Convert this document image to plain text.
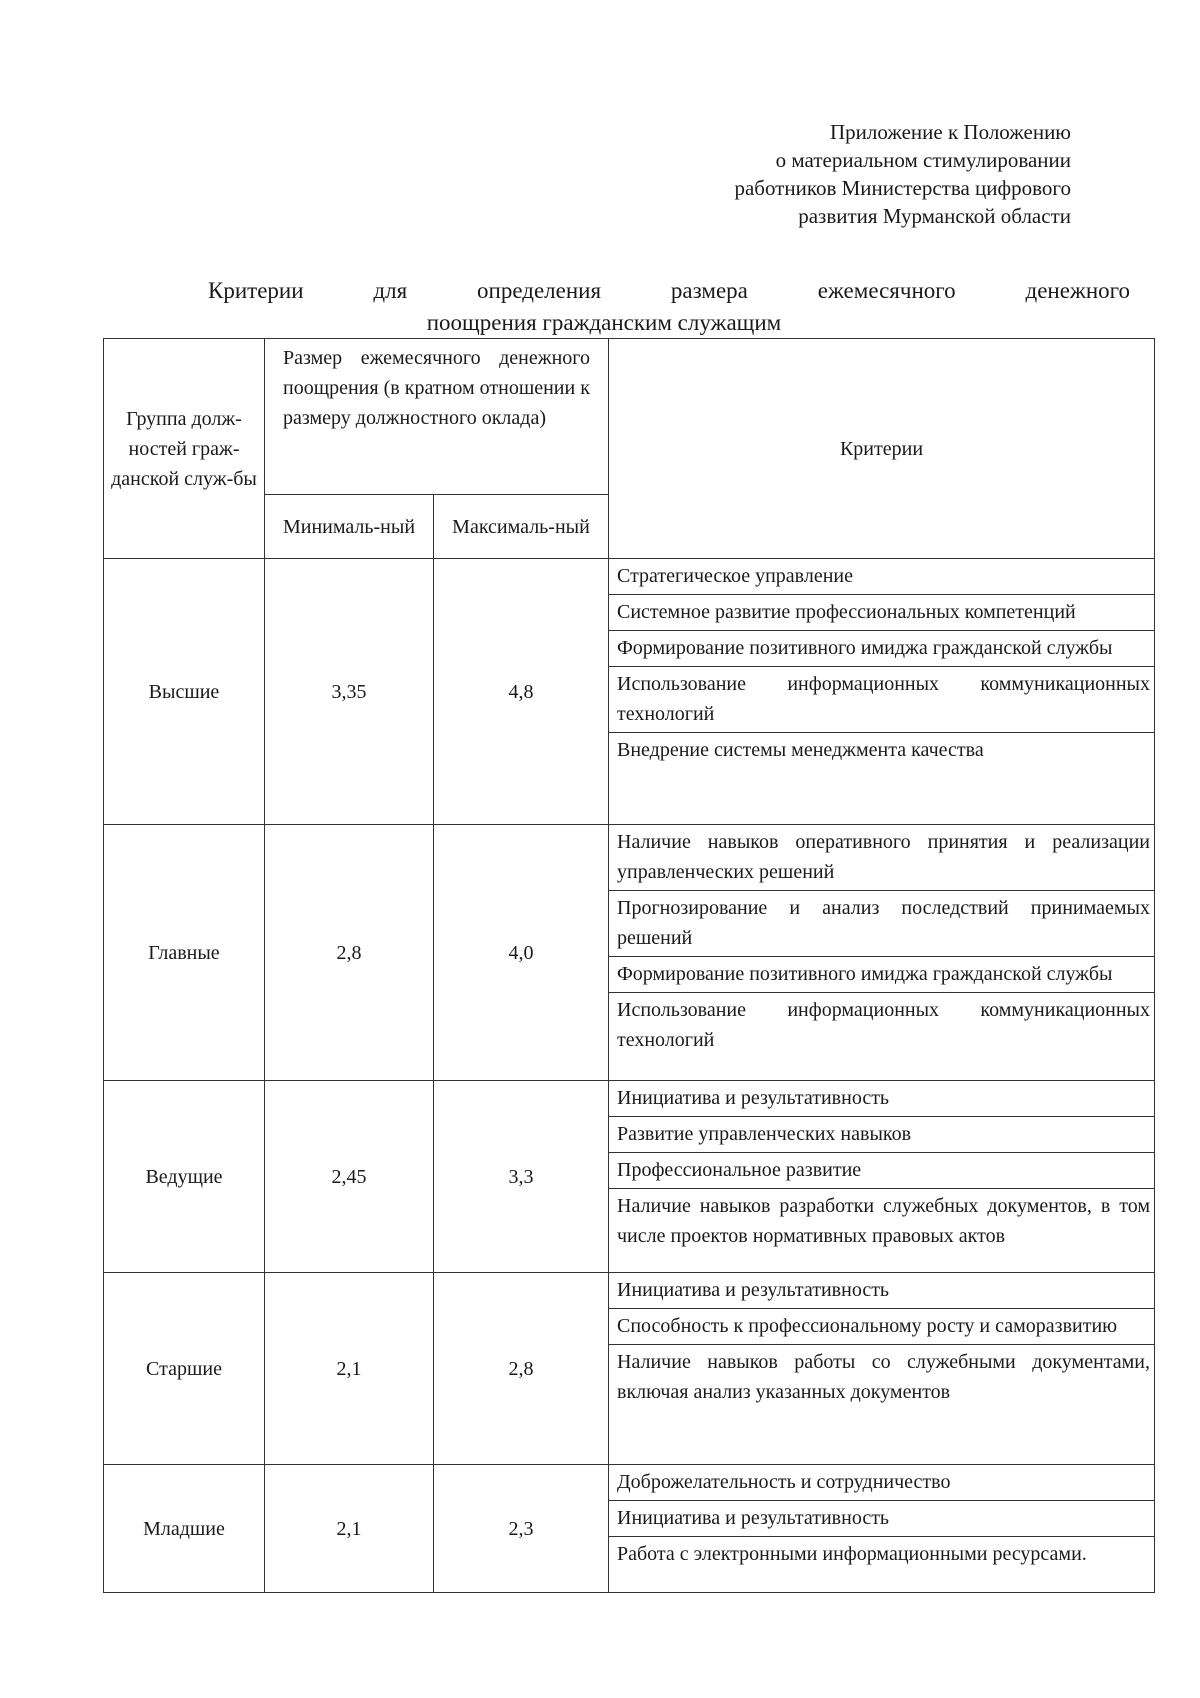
Приложение к Положению
о материальном стимулировании
работников Министерства цифрового
развития Мурманской области
Критерии для определения размера ежемесячного денежного
поощрения гражданским служащим
Группа долж-ностей граж-данской служ-бы	Размер ежемесячного денежного поощрения (в кратном отношении к размеру должностного оклада)		Критерии
	Минималь-ный	Максималь-ный	
Высшие	3,35	4,8	Стратегическое управление
Системное развитие профессиональных компетенций
Формирование позитивного имиджа гражданской службы
Использование информационных коммуникационных технологий
Внедрение системы менеджмента качества

Главные	2,8	4,0	Наличие навыков оперативного принятия и реализации управленческих решений
Прогнозирование и анализ последствий принимаемых решений
Формирование позитивного имиджа гражданской службы
Использование информационных коммуникационных технологий

Ведущие	2,45	3,3	Инициатива и результативность
Развитие управленческих навыков
Профессиональное развитие
Наличие навыков разработки служебных документов, в том числе проектов нормативных правовых актов

Старшие	2,1	2,8	Инициатива и результативность
Способность к профессиональному росту и саморазвитию
Наличие навыков работы со служебными документами, включая анализ указанных документов

Младшие	2,1	2,3	Доброжелательность и сотрудничество
Инициатива и результативность
Работа с электронными информационными ресурсами.
